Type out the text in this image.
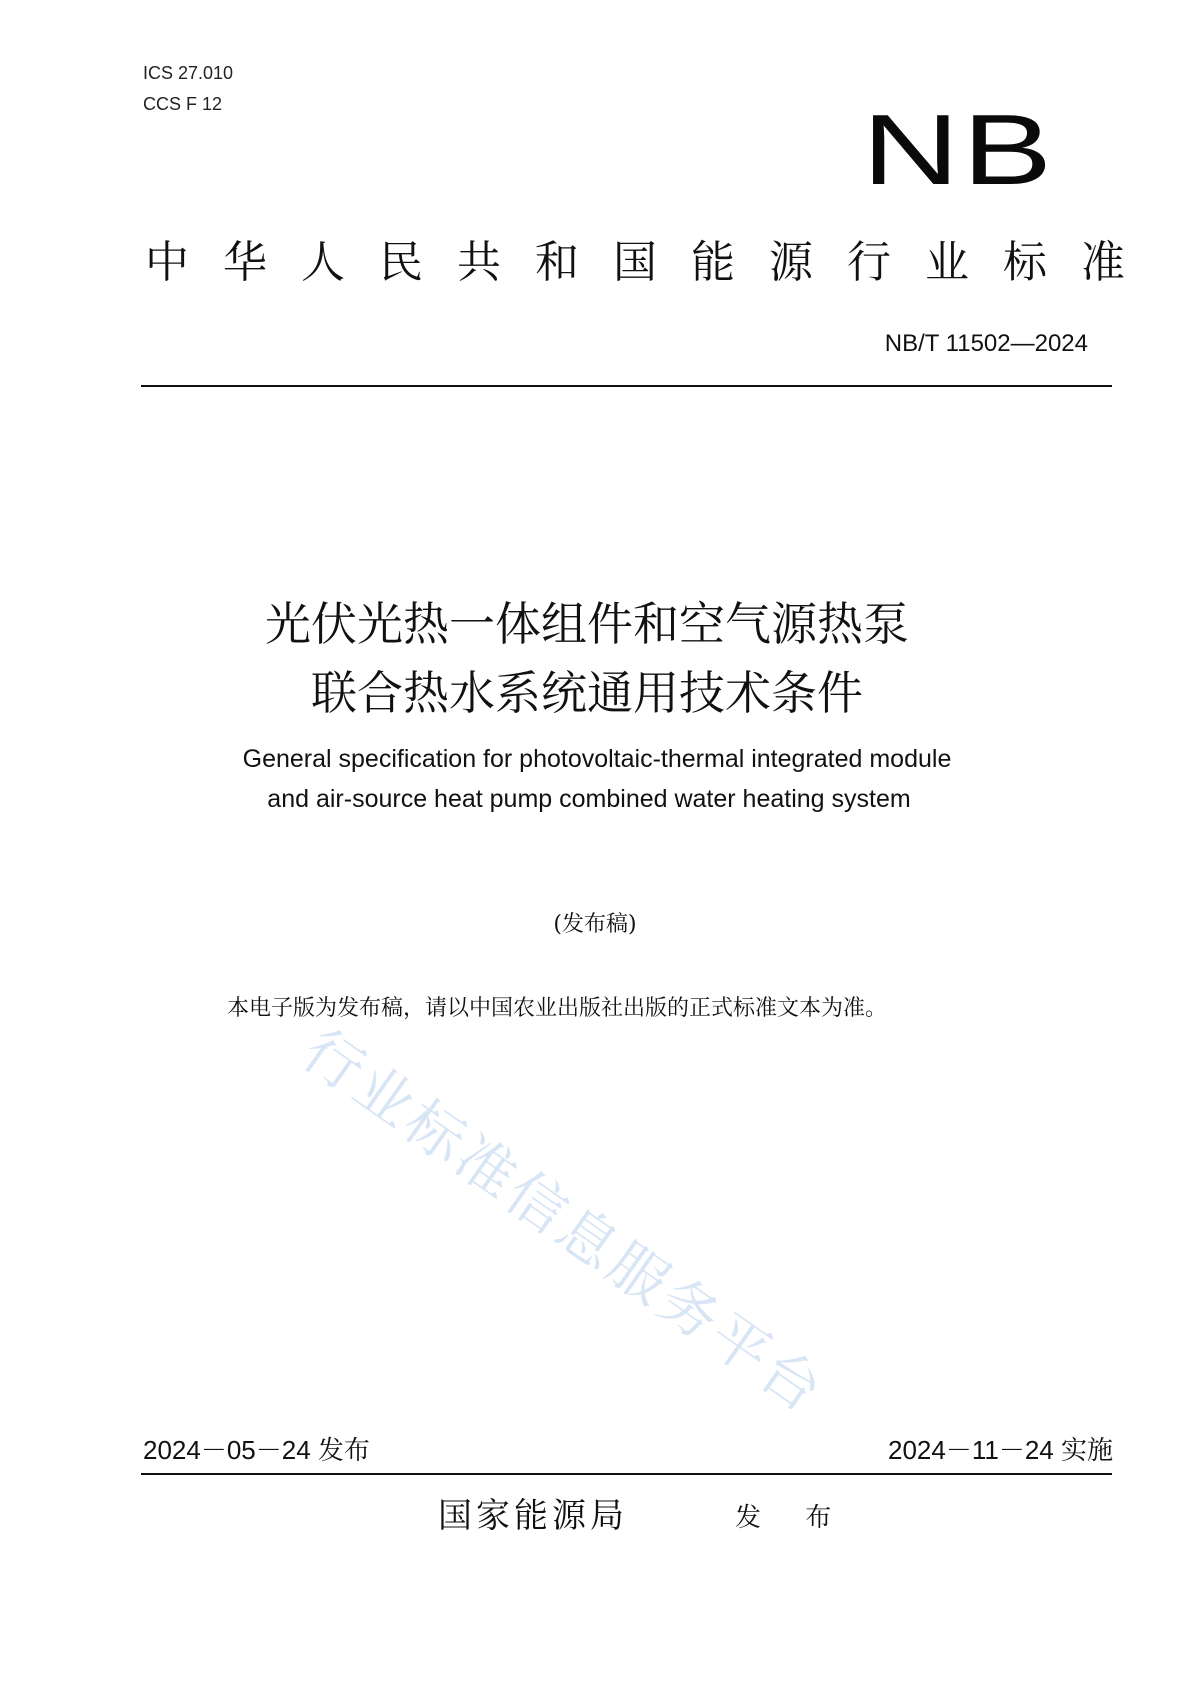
ICS 27.010
CCS F 12	NB
中 华 人 民 共 和 国 能 源 行 业 标 准
NB/T 11502—2024
光伏光热一体组件和空气源热泵
联合热水系统通用技术条件
General specification for photovoltaic-thermal integrated module
and air-source heat pump combined water heating system
(发布稿)
本电子版为发布稿，请以中国农业出版社出版的正式标准文本为准。
行业标准信息服务平台
2024－05－24 发布	2024－11－24 实施
国家能源局	发 布
